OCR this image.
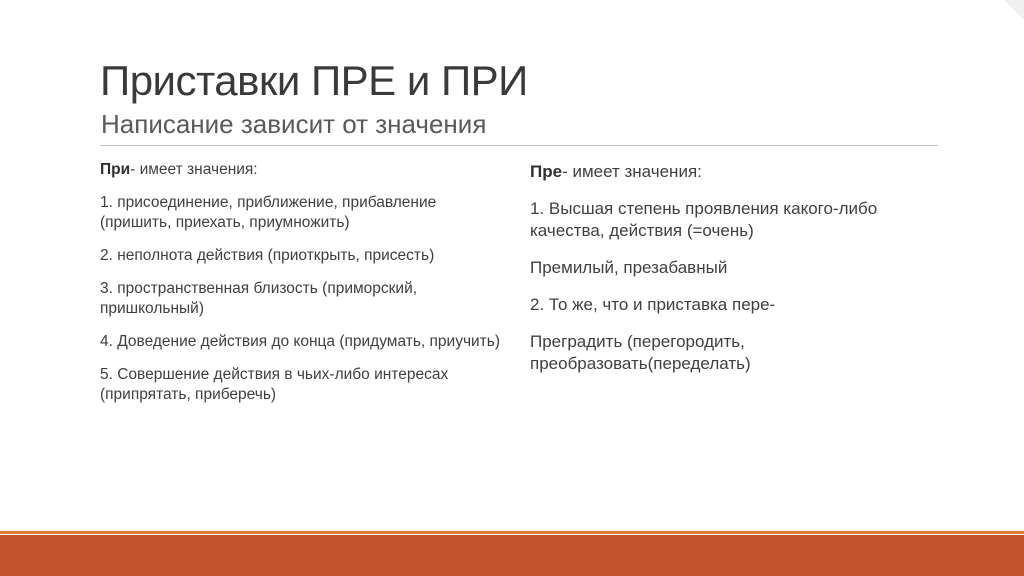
Приставки ПРЕ и ПРИ
Написание зависит от значения

При- имеет значения:

1. присоединение, приближение, прибавление (пришить, приехать, приумножить)

2. неполнота действия (приоткрыть, присесть)

3. пространственная близость (приморский, пришкольный)

4. Доведение действия до конца (придумать, приучить)

5. Совершение действия в чьих-либо интересах (припрятать, приберечь)

Пре- имеет значения:

1. Высшая степень проявления какого-либо качества, действия (=очень)

Премилый, презабавный

2. То же, что и приставка пере-

Преградить (перегородить, преобразовать(переделать)
